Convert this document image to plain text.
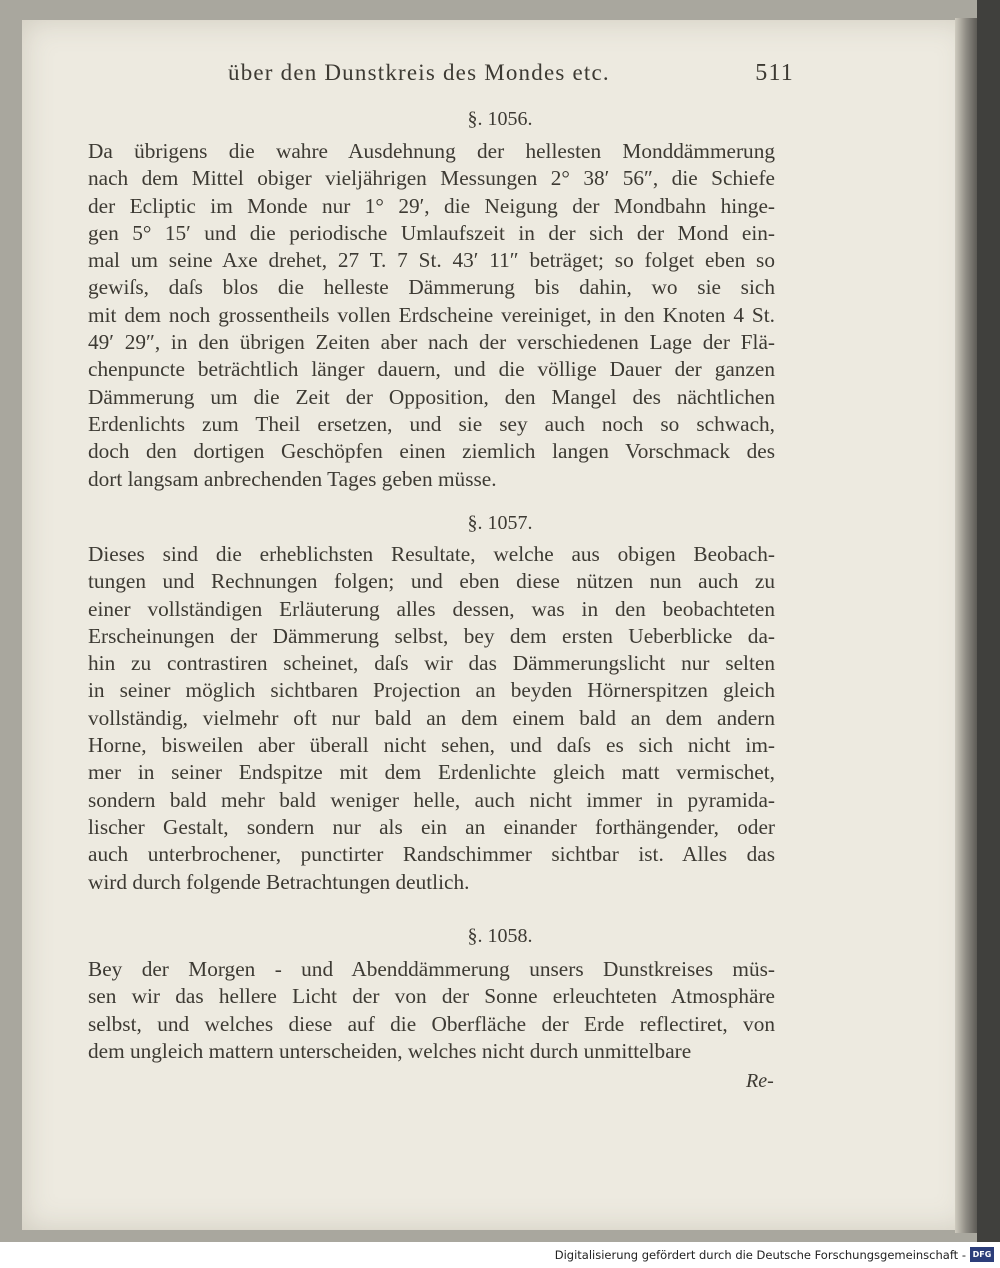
über den Dunstkreis des Mondes etc.	511
§. 1056.
Da übrigens die wahre Ausdehnung der hellesten Monddämmerung
nach dem Mittel obiger vieljährigen Messungen 2° 38′ 56″, die Schiefe
der Ecliptic im Monde nur 1° 29′, die Neigung der Mondbahn hinge-
gen 5° 15′ und die periodische Umlaufszeit in der sich der Mond ein-
mal um seine Axe drehet, 27 T. 7 St. 43′ 11″ beträget; so folget eben so
gewiſs, daſs blos die helleste Dämmerung bis dahin, wo sie sich
mit dem noch grossentheils vollen Erdscheine vereiniget, in den Knoten 4 St.
49′ 29″, in den übrigen Zeiten aber nach der verschiedenen Lage der Flä-
chenpuncte beträchtlich länger dauern, und die völlige Dauer der ganzen
Dämmerung um die Zeit der Opposition, den Mangel des nächtlichen
Erdenlichts zum Theil ersetzen, und sie sey auch noch so schwach,
doch den dortigen Geschöpfen einen ziemlich langen Vorschmack des
dort langsam anbrechenden Tages geben müsse.
§. 1057.
Dieses sind die erheblichsten Resultate, welche aus obigen Beobach-
tungen und Rechnungen folgen; und eben diese nützen nun auch zu
einer vollständigen Erläuterung alles dessen, was in den beobachteten
Erscheinungen der Dämmerung selbst, bey dem ersten Ueberblicke da-
hin zu contrastiren scheinet, daſs wir das Dämmerungslicht nur selten
in seiner möglich sichtbaren Projection an beyden Hörnerspitzen gleich
vollständig, vielmehr oft nur bald an dem einem bald an dem andern
Horne, bisweilen aber überall nicht sehen, und daſs es sich nicht im-
mer in seiner Endspitze mit dem Erdenlichte gleich matt vermischet,
sondern bald mehr bald weniger helle, auch nicht immer in pyramida-
lischer Gestalt, sondern nur als ein an einander forthängender, oder
auch unterbrochener, punctirter Randschimmer sichtbar ist. Alles das
wird durch folgende Betrachtungen deutlich.
§. 1058.
Bey der Morgen - und Abenddämmerung unsers Dunstkreises müs-
sen wir das hellere Licht der von der Sonne erleuchteten Atmosphäre
selbst, und welches diese auf die Oberfläche der Erde reflectiret, von
dem ungleich mattern unterscheiden, welches nicht durch unmittelbare
Re-
Digitalisierung gefördert durch die Deutsche Forschungsgemeinschaft - DFG
